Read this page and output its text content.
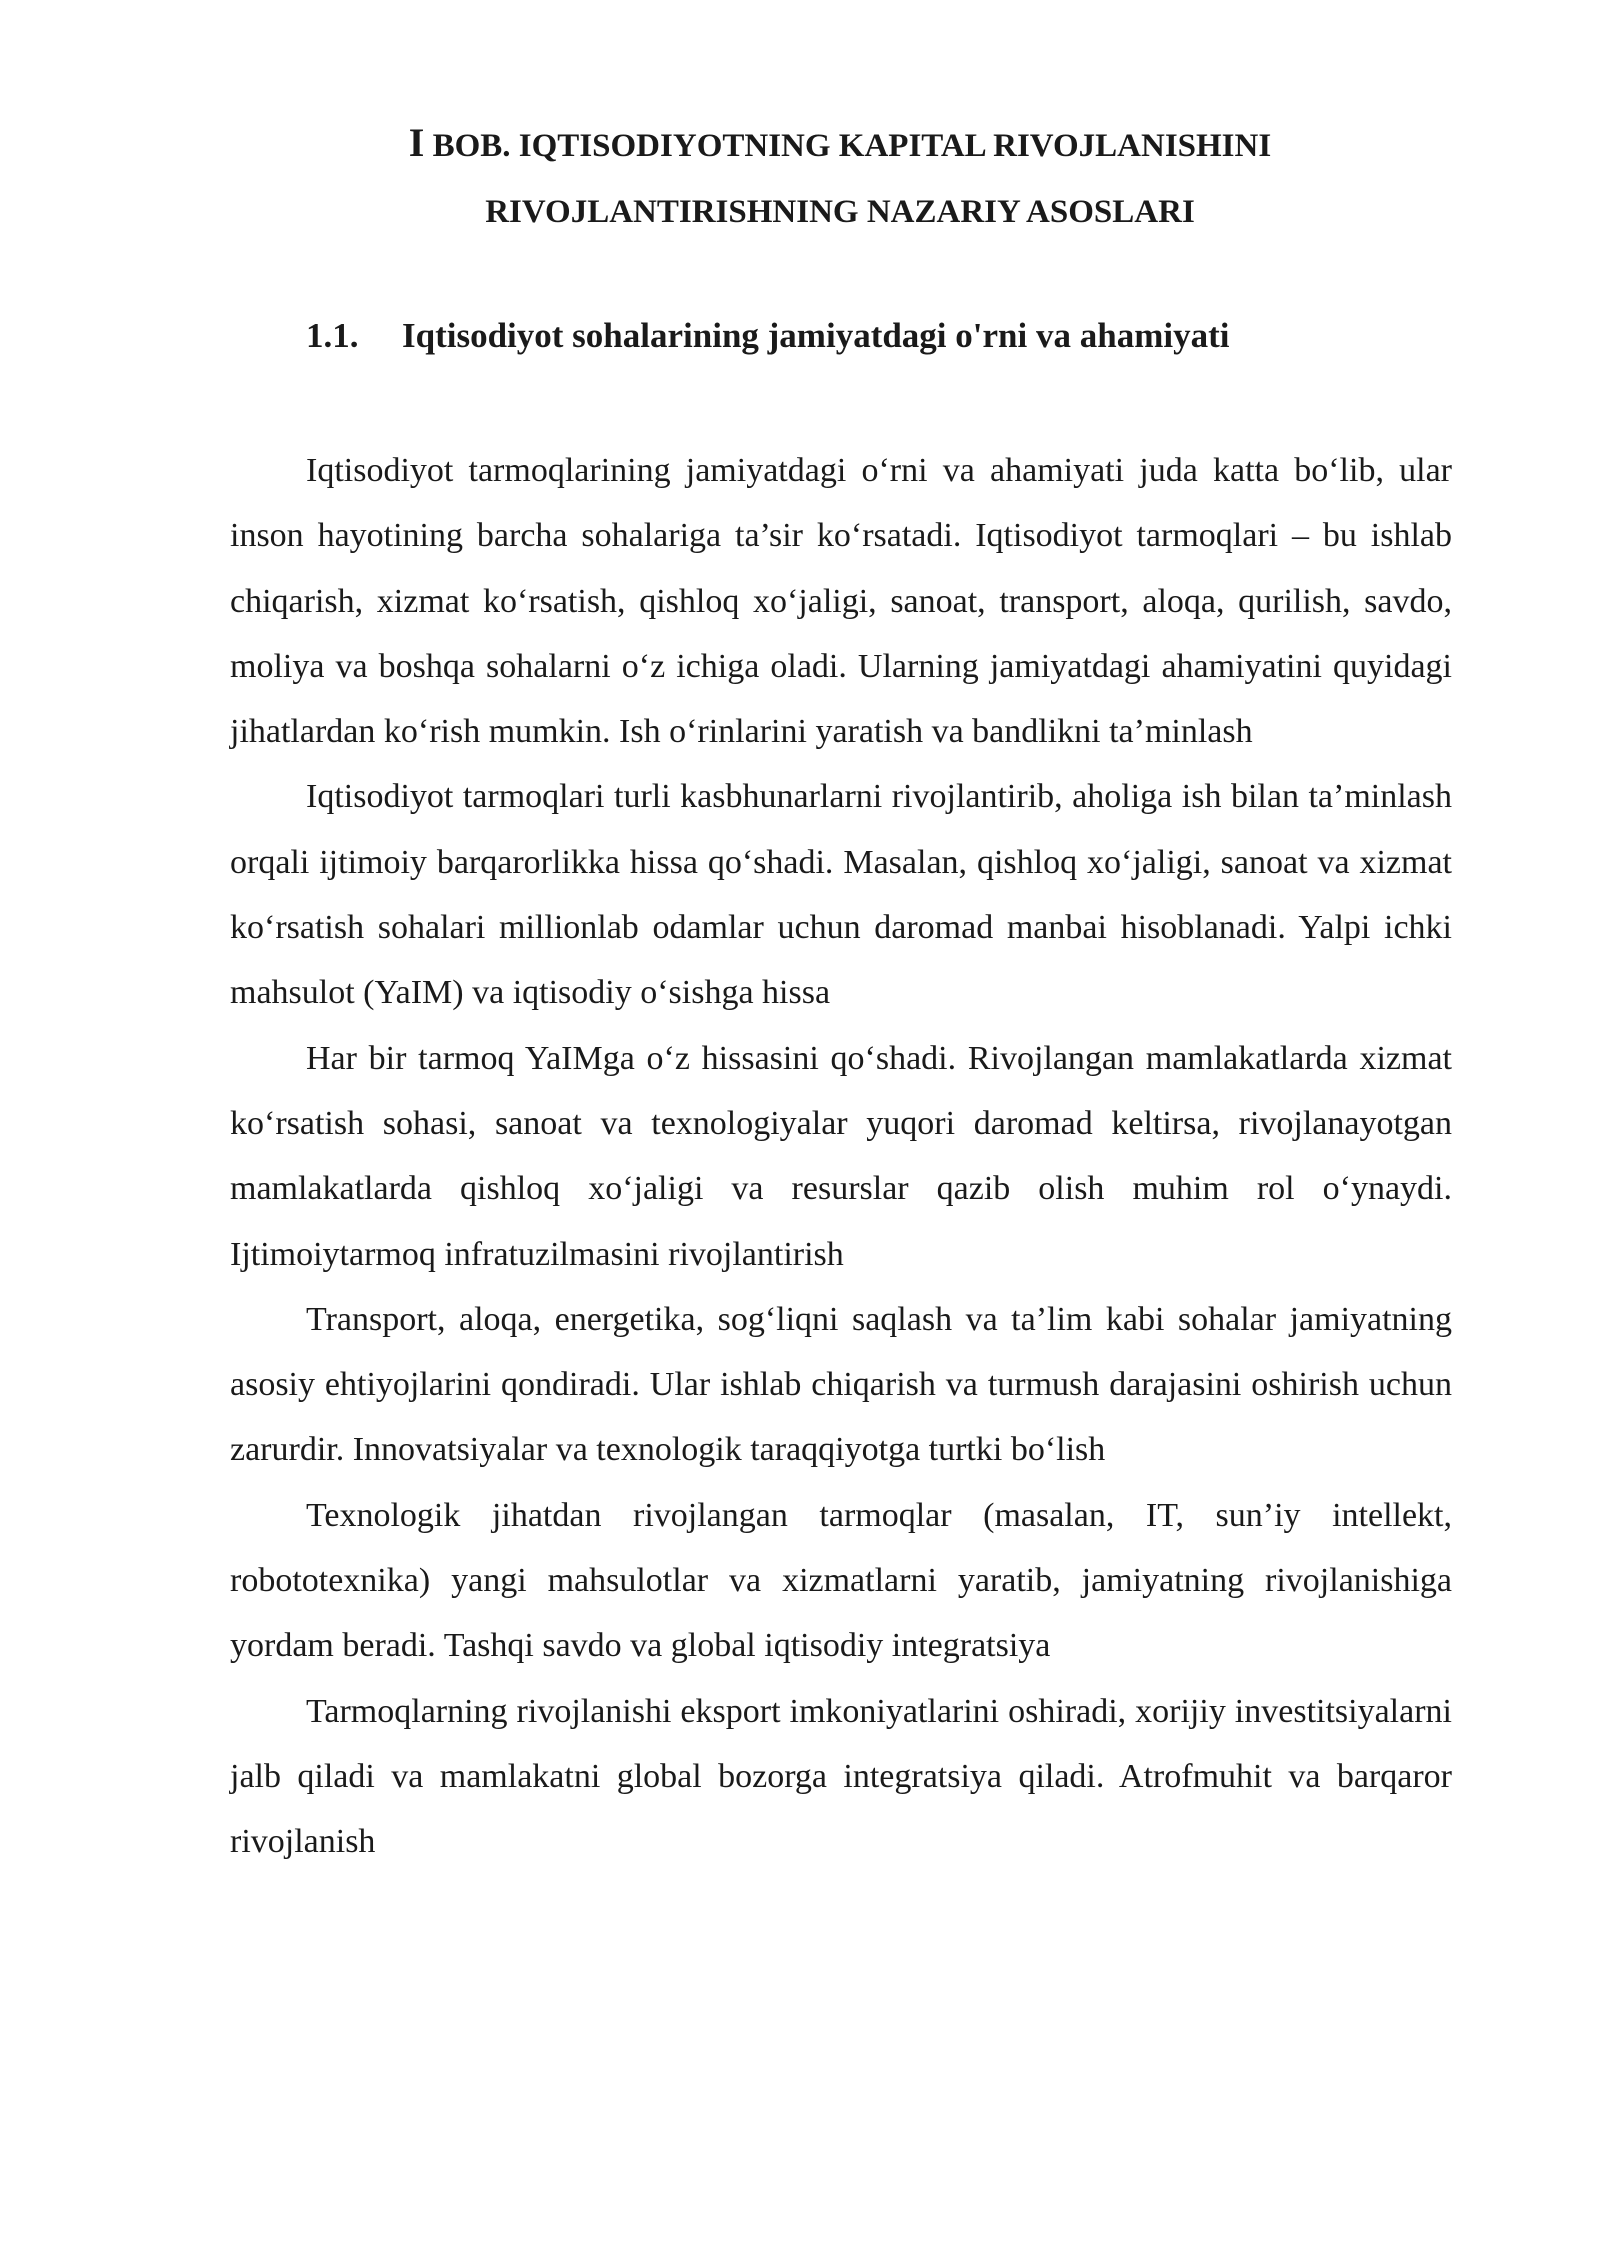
I BOB. IQTISODIYOTNING KAPITAL RIVOJLANISHINI
RIVOJLANTIRISHNING NAZARIY ASOSLARI
1.1. Iqtisodiyot sohalarining jamiyatdagi o'rni va ahamiyati

Iqtisodiyot tarmoqlarining jamiyatdagi o‘rni va ahamiyati juda katta bo‘lib, ular inson hayotining barcha sohalariga ta’sir ko‘rsatadi. Iqtisodiyot tarmoqlari – bu ishlab chiqarish, xizmat ko‘rsatish, qishloq xo‘jaligi, sanoat, transport, aloqa, qurilish, savdo, moliya va boshqa sohalarni o‘z ichiga oladi. Ularning jamiyatdagi ahamiyatini quyidagi jihatlardan ko‘rish mumkin. Ish o‘rinlarini yaratish va bandlikni ta’minlash

Iqtisodiyot tarmoqlari turli kasbhunarlarni rivojlantirib, aholiga ish bilan ta’minlash orqali ijtimoiy barqarorlikka hissa qo‘shadi. Masalan, qishloq xo‘jaligi, sanoat va xizmat ko‘rsatish sohalari millionlab odamlar uchun daromad manbai hisoblanadi. Yalpi ichki mahsulot (YaIM) va iqtisodiy o‘sishga hissa

Har bir tarmoq YaIMga o‘z hissasini qo‘shadi. Rivojlangan mamlakatlarda xizmat ko‘rsatish sohasi, sanoat va texnologiyalar yuqori daromad keltirsa, rivojlanayotgan mamlakatlarda qishloq xo‘jaligi va resurslar qazib olish muhim rol o‘ynaydi. Ijtimoiytarmoq infratuzilmasini rivojlantirish

Transport, aloqa, energetika, sog‘liqni saqlash va ta’lim kabi sohalar jamiyatning asosiy ehtiyojlarini qondiradi. Ular ishlab chiqarish va turmush darajasini oshirish uchun zarurdir. Innovatsiyalar va texnologik taraqqiyotga turtki bo‘lish

Texnologik jihatdan rivojlangan tarmoqlar (masalan, IT, sun’iy intellekt, robototexnika) yangi mahsulotlar va xizmatlarni yaratib, jamiyatning rivojlanishiga yordam beradi. Tashqi savdo va global iqtisodiy integratsiya

Tarmoqlarning rivojlanishi eksport imkoniyatlarini oshiradi, xorijiy investitsiyalarni jalb qiladi va mamlakatni global bozorga integratsiya qiladi. Atrofmuhit va barqaror rivojlanish
